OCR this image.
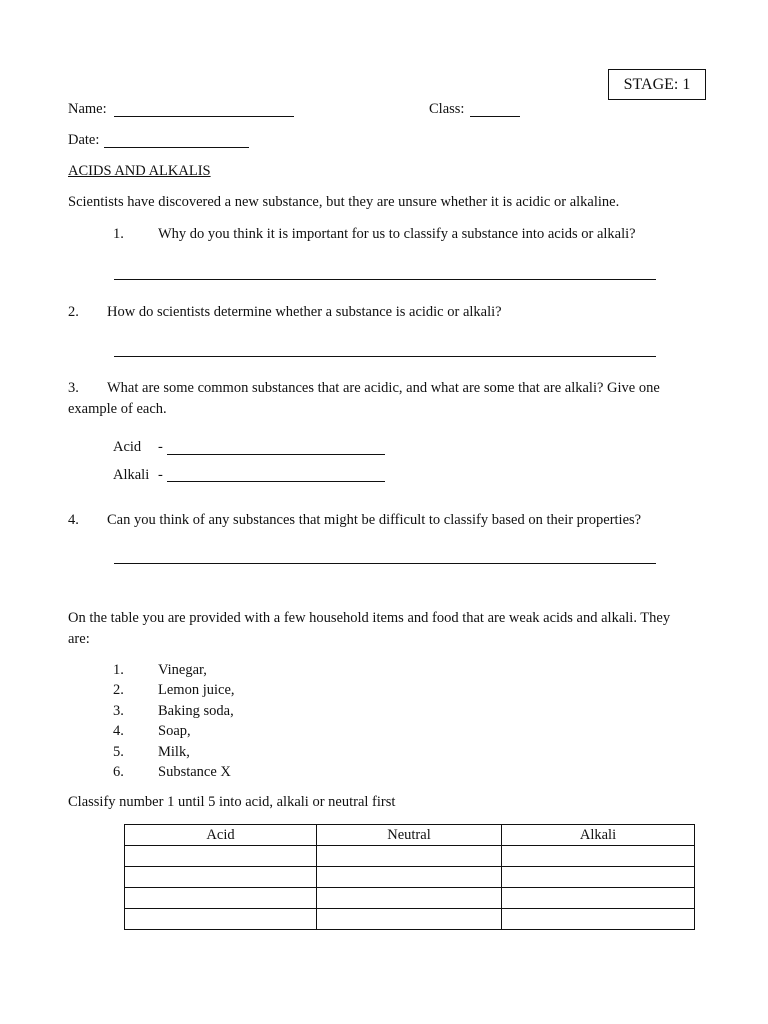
STAGE: 1
Name:	Class:
Date:
ACIDS AND ALKALIS
Scientists have discovered a new substance, but they are unsure whether it is acidic or alkaline.
1. Why do you think it is important for us to classify a substance into acids or alkali?
2. How do scientists determine whether a substance is acidic or alkali?
3. What are some common substances that are acidic, and what are some that are alkali? Give one
example of each.
Acid -
Alkali -
4. Can you think of any substances that might be difficult to classify based on their properties?
On the table you are provided with a few household items and food that are weak acids and alkali. They
are:
1. Vinegar,
2. Lemon juice,
3. Baking soda,
4. Soap,
5. Milk,
6. Substance X
Classify number 1 until 5 into acid, alkali or neutral first
Acid	Neutral	Alkali
